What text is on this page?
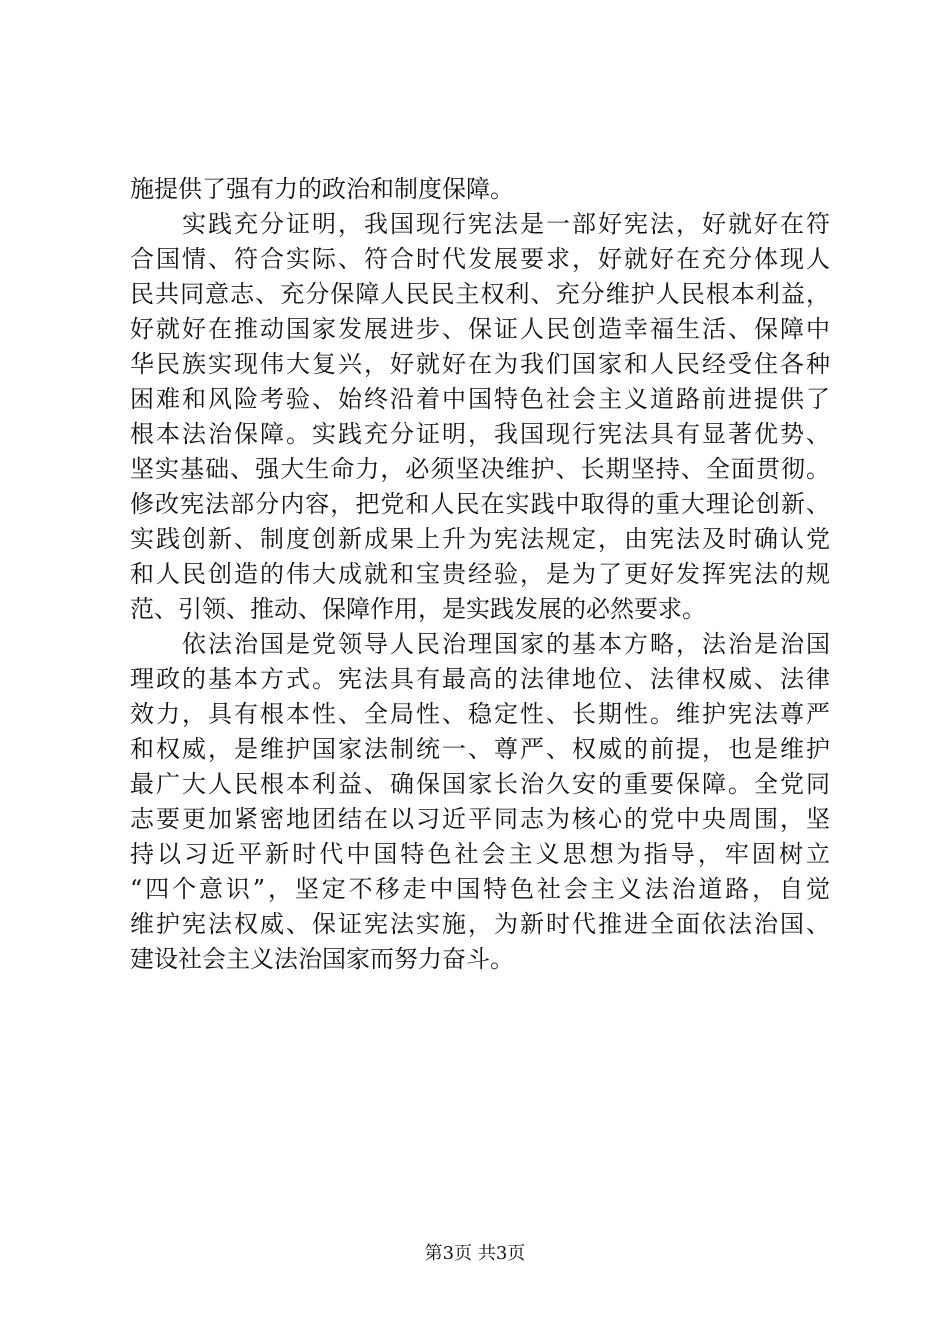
施提供了强有力的政治和制度保障。
　　实践充分证明，我国现行宪法是一部好宪法，好就好在符
合国情、符合实际、符合时代发展要求，好就好在充分体现人
民共同意志、充分保障人民民主权利、充分维护人民根本利益，
好就好在推动国家发展进步、保证人民创造幸福生活、保障中
华民族实现伟大复兴，好就好在为我们国家和人民经受住各种
困难和风险考验、始终沿着中国特色社会主义道路前进提供了
根本法治保障。实践充分证明，我国现行宪法具有显著优势、
坚实基础、强大生命力，必须坚决维护、长期坚持、全面贯彻。
修改宪法部分内容，把党和人民在实践中取得的重大理论创新、
实践创新、制度创新成果上升为宪法规定，由宪法及时确认党
和人民创造的伟大成就和宝贵经验，是为了更好发挥宪法的规
范、引领、推动、保障作用，是实践发展的必然要求。
　　依法治国是党领导人民治理国家的基本方略，法治是治国
理政的基本方式。宪法具有最高的法律地位、法律权威、法律
效力，具有根本性、全局性、稳定性、长期性。维护宪法尊严
和权威，是维护国家法制统一、尊严、权威的前提，也是维护
最广大人民根本利益、确保国家长治久安的重要保障。全党同
志要更加紧密地团结在以习近平同志为核心的党中央周围，坚
持以习近平新时代中国特色社会主义思想为指导，牢固树立
“四个意识”，坚定不移走中国特色社会主义法治道路，自觉
维护宪法权威、保证宪法实施，为新时代推进全面依法治国、
建设社会主义法治国家而努力奋斗。
第3页 共3页
